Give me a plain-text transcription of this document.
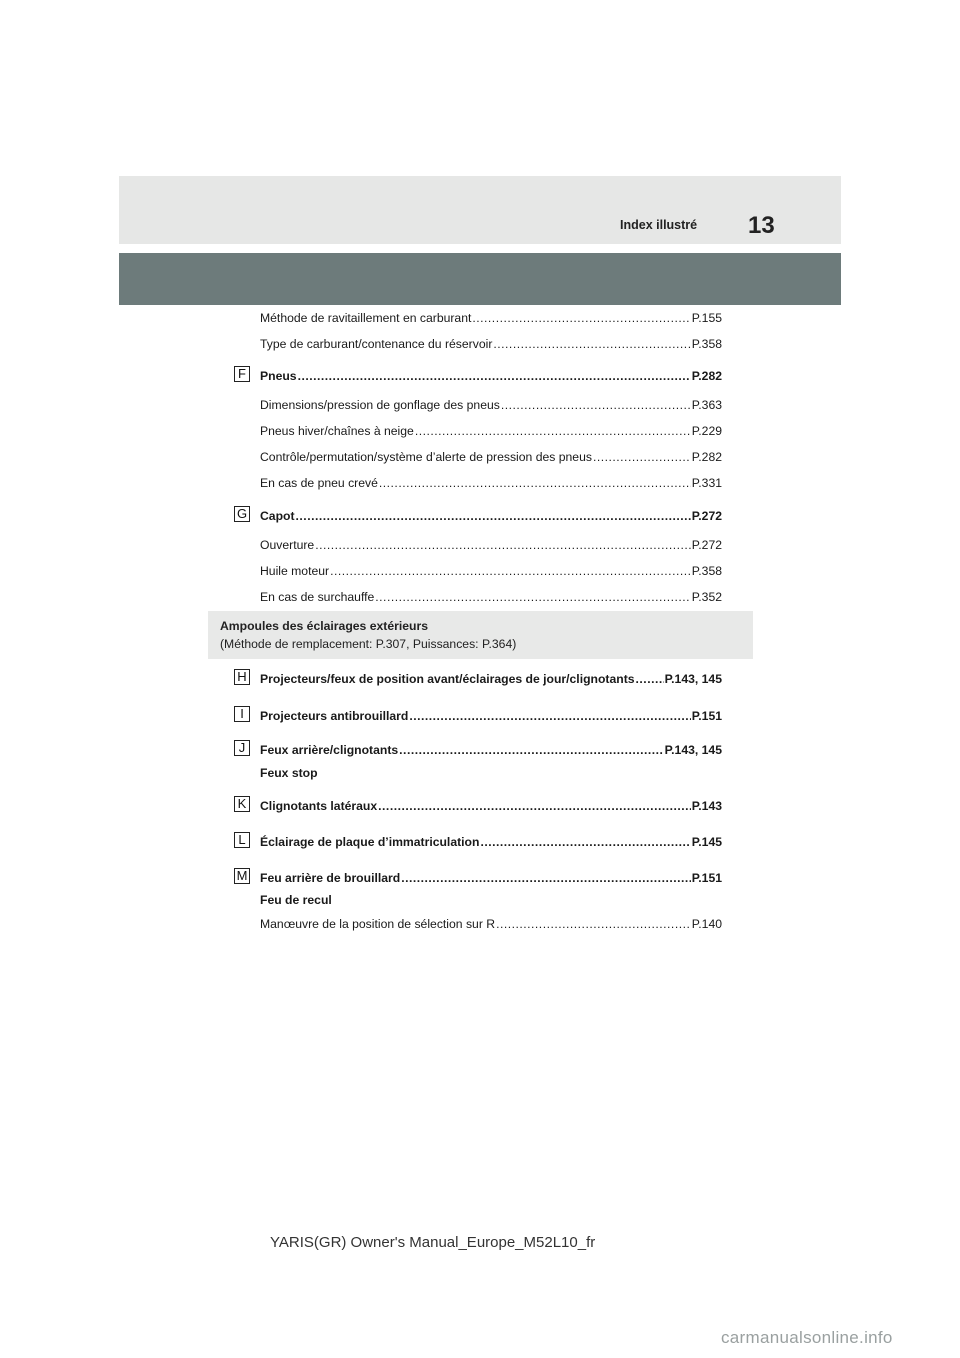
Index illustré 13
Méthode de ravitaillement en carburant .....	P.155
Type de carburant/contenance du réservoir .....	P.358
F	Pneus .....	P.282
Dimensions/pression de gonflage des pneus .....	P.363
Pneus hiver/chaînes à neige .....	P.229
Contrôle/permutation/système d’alerte de pression des pneus .....	P.282
En cas de pneu crevé .....	P.331
G Capot .....	P.272
Ouverture .....	P.272
Huile moteur .....	P.358
En cas de surchauffe .....	P.352
Ampoules des éclairages extérieurs
(Méthode de remplacement: P.307, Puissances: P.364)
H Projecteurs/feux de position avant/éclairages de jour/clignotants ..... P.143, 145
I	Projecteurs antibrouillard .....	P.151
J	Feux arrière/clignotants .....	P.143, 145
Feux stop
K	Clignotants latéraux .....	P.143
L	Éclairage de plaque d’immatriculation .....	P.145
M Feu arrière de brouillard .....	P.151
Feu de recul
Manœuvre de la position de sélection sur R .....	P.140
YARIS(GR) Owner's Manual_Europe_M52L10_fr
carmanualsonline.info
